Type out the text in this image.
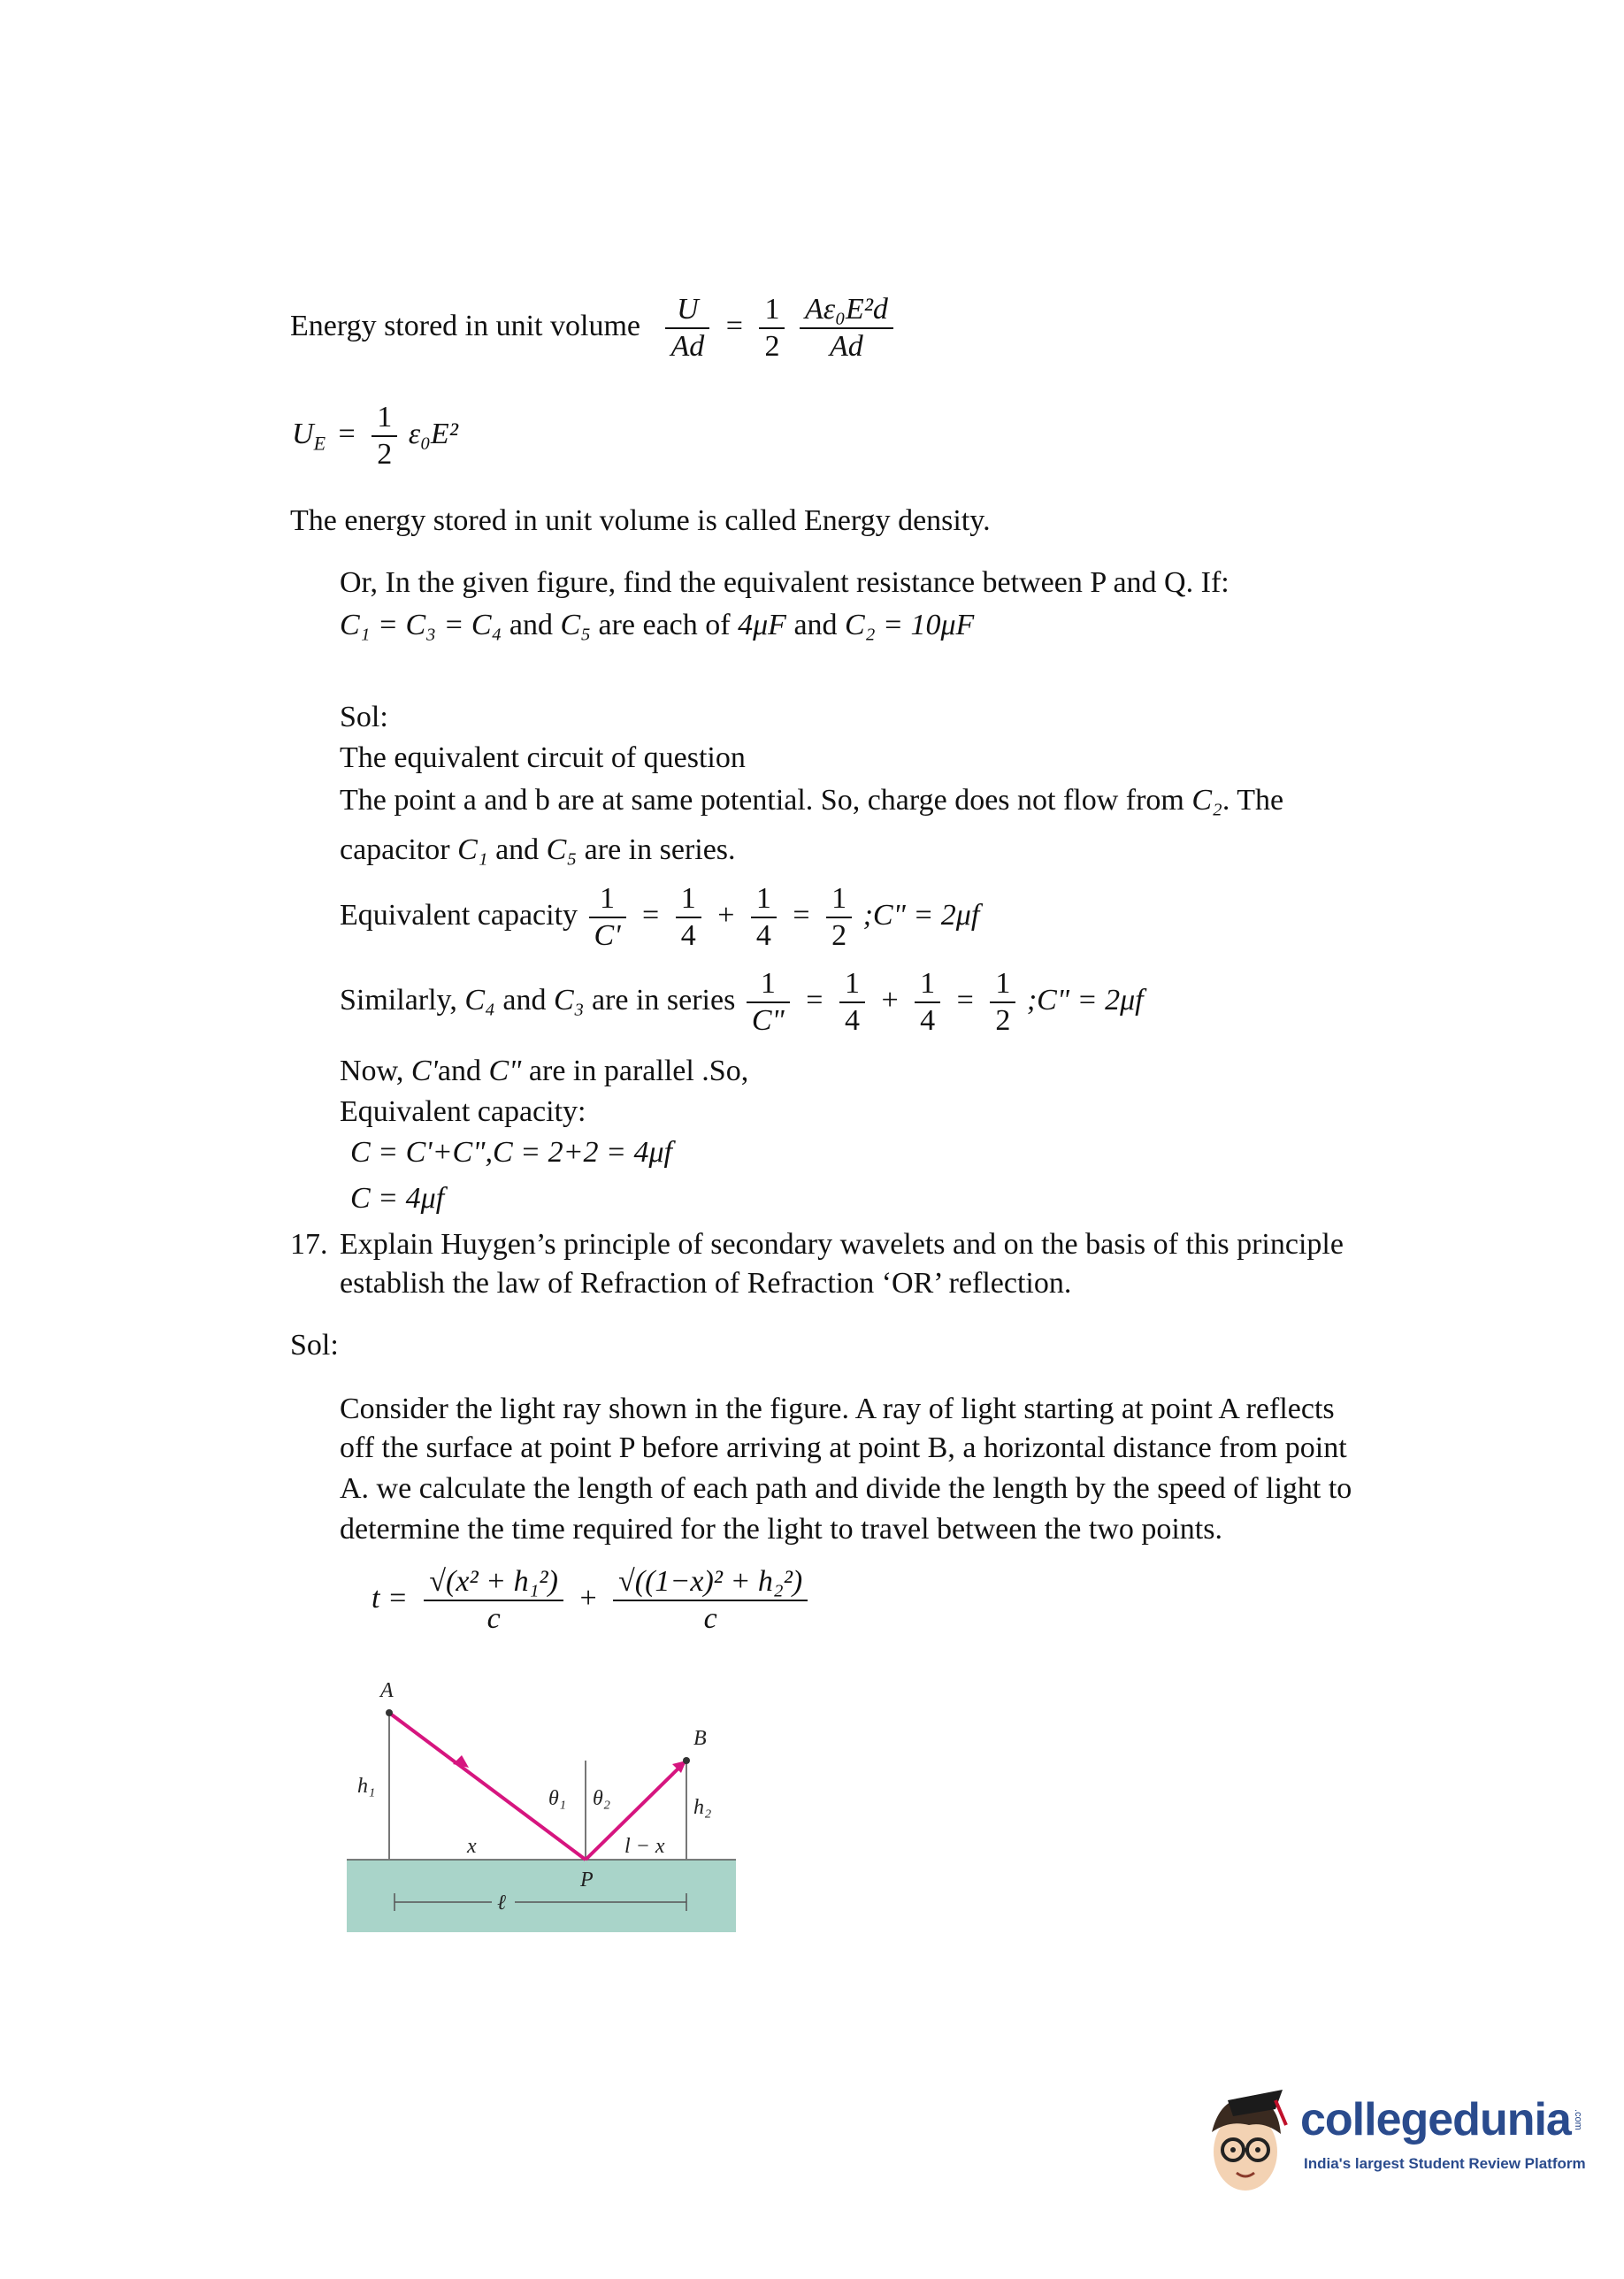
Energy stored in unit volume $\frac{U}{Ad} = \frac{1}{2}$
$\frac{\text{Aε₀E²d}}{Ad}$
$U_E = \frac{1}{2} \varepsilon_0E^2$
The energy stored in unit volume is called Energy density.
Or, In the given figure, find the equivalent resistance between P and Q. If:
C₁ = C₃ = C₄ and C₅ are each of 4μF and C₂ = 10μF
Sol:
The equivalent circuit of question
The point a and b are at same potential. So, charge does not flow from C₂. The
capacitor C₁ and C₅ are in series.
Equivalent capacity $\frac{1}{C'} = \frac{1}{4} + \frac{1}{4} = \frac{1}{2}$ ;C" = 2μf
Similarly, C₄ and C₃ are in series $\frac{1}{C"} = \frac{1}{4} + \frac{1}{4} = \frac{1}{2}$ ;C" = 2μf
Now, C'and C" are in parallel .So,
Equivalent capacity:
C = C'+C",C = 2+2 = 4μf
C = 4μf
17. Explain Huygen’s principle of secondary wavelets and on the basis of this principle
establish the law of Refraction of Refraction ‘OR’ reflection.
Sol:
Consider the light ray shown in the figure. A ray of light starting at point A reflects
off the surface at point P before arriving at point B, a horizontal distance from point
A. we calculate the length of each path and divide the length by the speed of light to
determine the time required for the light to travel between the two points.
$t = \frac{\text{√(x² + h₁²)}}{c} + \frac{\text{√((1−x)² + h₂²)}}{c}$
A
B
P
h₁
h₂
x	l − x
θ₁ θ₂
ℓ
collegedunia .com
India's largest Student Review Platform
